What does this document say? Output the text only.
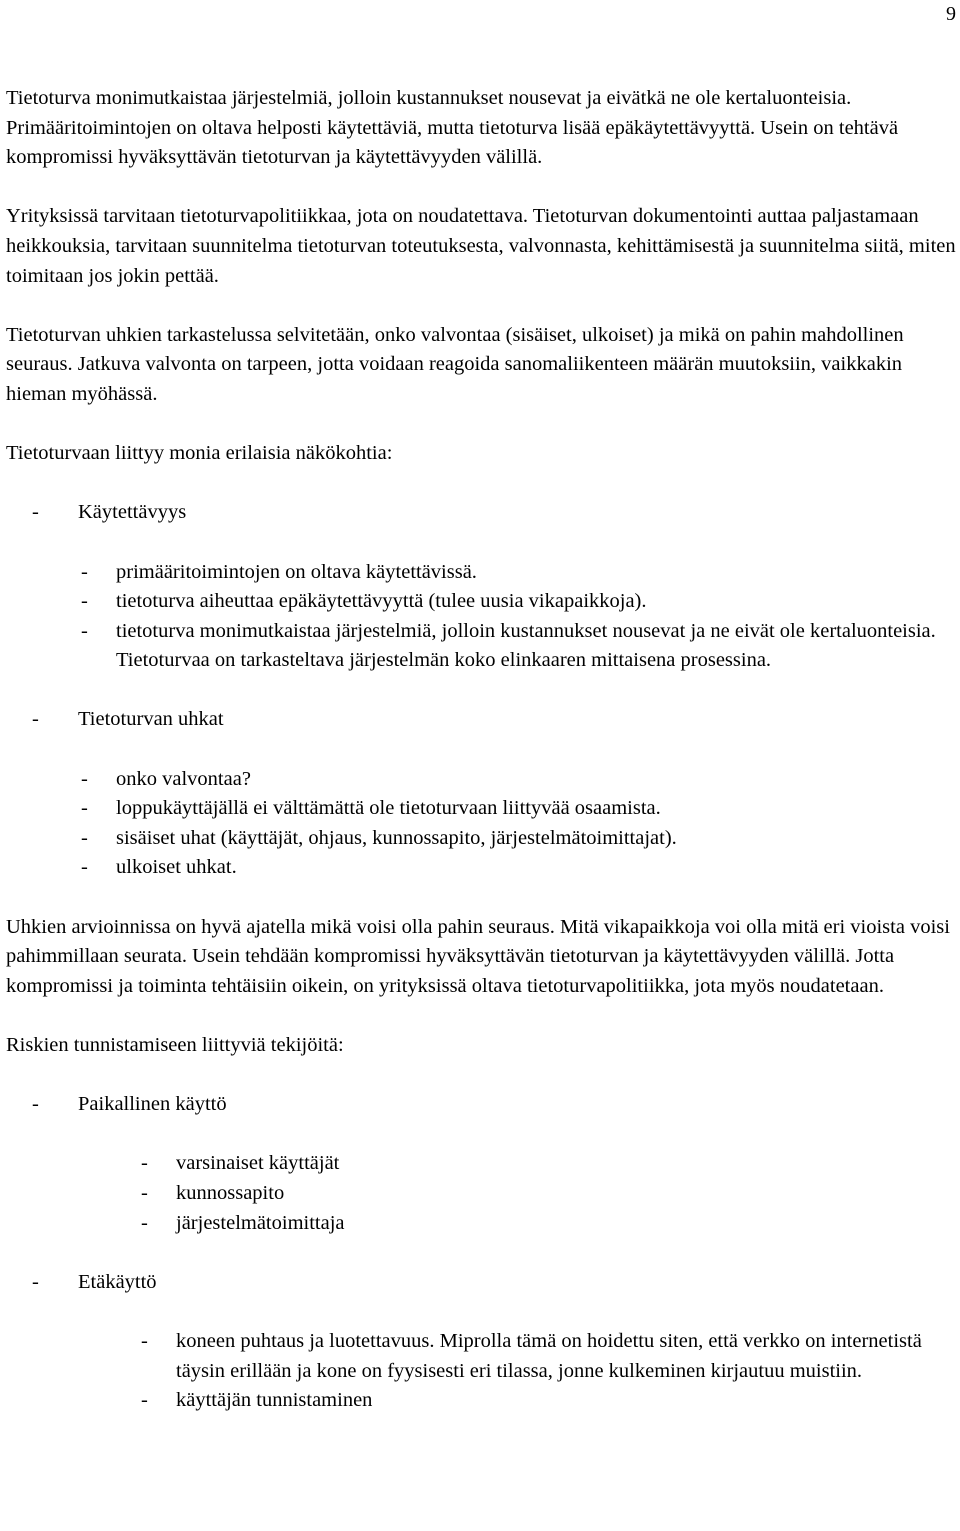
9

Tietoturva monimutkaistaa järjestelmiä, jolloin kustannukset nousevat ja eivätkä ne ole kertaluonteisia. Primääritoimintojen on oltava helposti käytettäviä, mutta tietoturva lisää epäkäytettävyyttä. Usein on tehtävä kompromissi hyväksyttävän tietoturvan ja käytettävyyden välillä.

Yrityksissä tarvitaan tietoturvapolitiikkaa, jota on noudatettava. Tietoturvan dokumentointi auttaa paljastamaan heikkouksia, tarvitaan suunnitelma tietoturvan toteutuksesta, valvonnasta, kehittämisestä ja suunnitelma siitä, miten toimitaan jos jokin pettää.

Tietoturvan uhkien tarkastelussa selvitetään, onko valvontaa (sisäiset, ulkoiset) ja mikä on pahin mahdollinen seuraus. Jatkuva valvonta on tarpeen, jotta voidaan reagoida sanomaliikenteen määrän muutoksiin, vaikkakin hieman myöhässä.

Tietoturvaan liittyy monia erilaisia näkökohtia:

- Käytettävyys
- primääritoimintojen on oltava käytettävissä.
- tietoturva aiheuttaa epäkäytettävyyttä (tulee uusia vikapaikkoja).
- tietoturva monimutkaistaa järjestelmiä, jolloin kustannukset nousevat ja ne eivät ole kertaluonteisia. Tietoturvaa on tarkasteltava järjestelmän koko elinkaaren mittaisena prosessina.
- Tietoturvan uhkat
- onko valvontaa?
- loppukäyttäjällä ei välttämättä ole tietoturvaan liittyvää osaamista.
- sisäiset uhat (käyttäjät, ohjaus, kunnossapito, järjestelmätoimittajat).
- ulkoiset uhkat.

Uhkien arvioinnissa on hyvä ajatella mikä voisi olla pahin seuraus. Mitä vikapaikkoja voi olla mitä eri vioista voisi pahimmillaan seurata. Usein tehdään kompromissi hyväksyttävän tietoturvan ja käytettävyyden välillä. Jotta kompromissi ja toiminta tehtäisiin oikein, on yrityksissä oltava tietoturvapolitiikka, jota myös noudatetaan.

Riskien tunnistamiseen liittyviä tekijöitä:

- Paikallinen käyttö
- varsinaiset käyttäjät
- kunnossapito
- järjestelmätoimittaja
- Etäkäyttö
- koneen puhtaus ja luotettavuus. Miprolla tämä on hoidettu siten, että verkko on internetistä täysin erillään ja kone on fyysisesti eri tilassa, jonne kulkeminen kirjautuu muistiin.
- käyttäjän tunnistaminen
